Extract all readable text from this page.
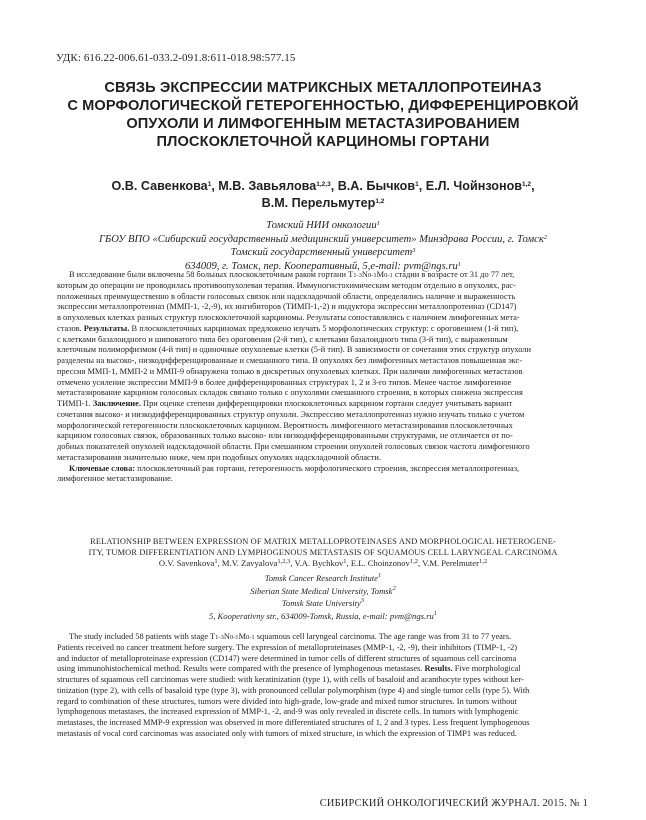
УДК: 616.22-006.61-033.2-091.8:611-018.98:577.15
СВЯЗЬ ЭКСПРЕССИИ МАТРИКСНЫХ МЕТАЛЛОПРОТЕИНАЗ
С МОРФОЛОГИЧЕСКОЙ ГЕТЕРОГЕННОСТЬЮ, ДИФФЕРЕНЦИРОВКОЙ
ОПУХОЛИ И ЛИМФОГЕННЫМ МЕТАСТАЗИРОВАНИЕМ
ПЛОСКОКЛЕТОЧНОЙ КАРЦИНОМЫ ГОРТАНИ
О.В. Савенкова$^1$, М.В. Завьялова$^{1,2,3}$, В.А. Бычков$^1$, Е.Л. Чойнзонов$^{1,2}$,
В.М. Перельмутер$^{1,2}$
Томский НИИ онкологии$^1$
ГБОУ ВПО «Сибирский государственный медицинский университет» Минздрава России, г. Томск$^2$
Томский государственный университет$^3$
634009, г. Томск, пер. Кооперативный, 5,e-mail: $pvm@ngs.ru^1$
В исследование были включены 58 больных плоскоклеточным раком гортани $Т_{1-3}N_{0-1}M_{0-1}$ стадии в возрасте от 31 до 77 лет,
которым до операции не проводилась противоопухолевая терапия. Иммуногистохимическим методом отдельно в опухолях, рас-
положенных преимущественно в области голосовых связок или надскладочной области, определялись наличие и выраженность
экспрессии металлопротеиназ (ММП-1, -2,-9), их ингибиторов (ТИМП-1,-2) и индуктора экспрессии металлопротеиназ (CD147)
в опухолевых клетках разных структур плоскоклеточной карциномы. Результаты сопоставлялись с наличием лимфогенных мета-
стазов. Результаты. В плоскоклеточных карциномах предложено изучать 5 морфологических структур: с ороговением (1-й тип),
с клетками базалоидного и шиповатого типа без ороговения (2-й тип), с клетками базалоидного типа (3-й тип), с выраженным
клеточным полиморфизмом (4-й тип) и одиночные опухолевые клетки (5-й тип). В зависимости от сочетания этих структур опухоли
разделены на высоко-, низкодифференцированные и смешанного типа. В опухолях без лимфогенных метастазов повышенная экс-
прессия ММП-1, ММП-2 и ММП-9 обнаружена только в дискретных опухолевых клетках. При наличии лимфогенных метастазов
отмечено усиление экспрессии ММП-9 в более дифференцированных структурах 1, 2 и 3-го типов. Менее частое лимфогенное
метастазирование карцином голосовых складок связано только с опухолями смешанного строения, в которых снижена экспрессия
ТИМП-1. Заключение. При оценке степени дифференцировки плоскоклеточных карцином гортани следует учитывать вариант
сочетания высоко- и низкодифференцированных структур опухоли. Экспрессию металлопротеиназ нужно изучать только с учетом
морфологической гетерогенности плоскоклеточных карцином. Вероятность лимфогенного метастазирования плоскоклеточных
карцином голосовых связок, образованных только высоко- или низкодифференцированными структурами, не отличается от по-
добных показателей опухолей надскладочной области. При смешанном строении опухолей голосовых связок частота лимфогенного
метастазирования значительно ниже, чем при подобных опухолях надскладочной области.
Ключевые слова: плоскоклеточный рак гортани, гетерогенность морфологического строения, экспрессия металлопротеиназ,
лимфогенное метастазирование.
RELATIONSHIP BETWEEN EXPRESSION OF MATRIX METALLOPROTEINASES AND MORPHOLOGICAL HETEROGENE-
ITY, TUMOR DIFFERENTIATION AND LYMPHOGENOUS METASTASIS OF SQUAMOUS CELL LARYNGEAL CARCINOMA
O.V. Savenkova$^1$, M.V. Zavyalova$^{1,2,3}$, V.A. Bychkov$^1$, E.L. Choinzonov$^{1,2}$, V.M. Perelmuter$^{1,2}$
Tomsk Cancer Research Institute$^1$
Siberian State Medical University, Tomsk$^2$
Tomsk State University$^3$
5, Kooperativny str., 634009-Tomsk, Russia, e-mail: $pvm@ngs.ru^1$
The study included 58 patients with stage $T_{1-3}N_{0-1}M_{0-1}$ squamous cell laryngeal carcinoma. The age range was from 31 to 77 years.
Patients received no cancer treatment before surgery. The expression of metalloproteinases (MMP-1, -2, -9), their inhibitors (TIMP-1, -2)
and inductor of metalloproteinase expression (CD147) were determined in tumor cells of different structures of squamous cell carcinoma
using immunohistochemical method. Results were compared with the presence of lymphogenous metastases. Results. Five morphological
structures of squamous cell carcinomas were studied: with keratinization (type 1), with cells of basaloid and acanthocyte types without ker-
tinization (type 2), with cells of basaloid type (type 3), with pronounced cellular polymorphism (type 4) and single tumor cells (type 5). With
regard to combination of these structures, tumors were divided into high-grade, low-grade and mixed tumor structures. In tumors without
lymphogenous metastases, the increased expression of MMP-1, -2, and-9 was only revealed in discrete cells. In tumors with lymphogenic
metastases, the increased MMP-9 expression was observed in more differentiated structures of 1, 2 and 3 types. Less frequent lymphogenous
metastasis of vocal cord carcinomas was associated only with tumors of mixed structure, in which the expression of TIMP1 was reduced.
СИБИРСКИЙ ОНКОЛОГИЧЕСКИЙ ЖУРНАЛ. 2015. № 1
